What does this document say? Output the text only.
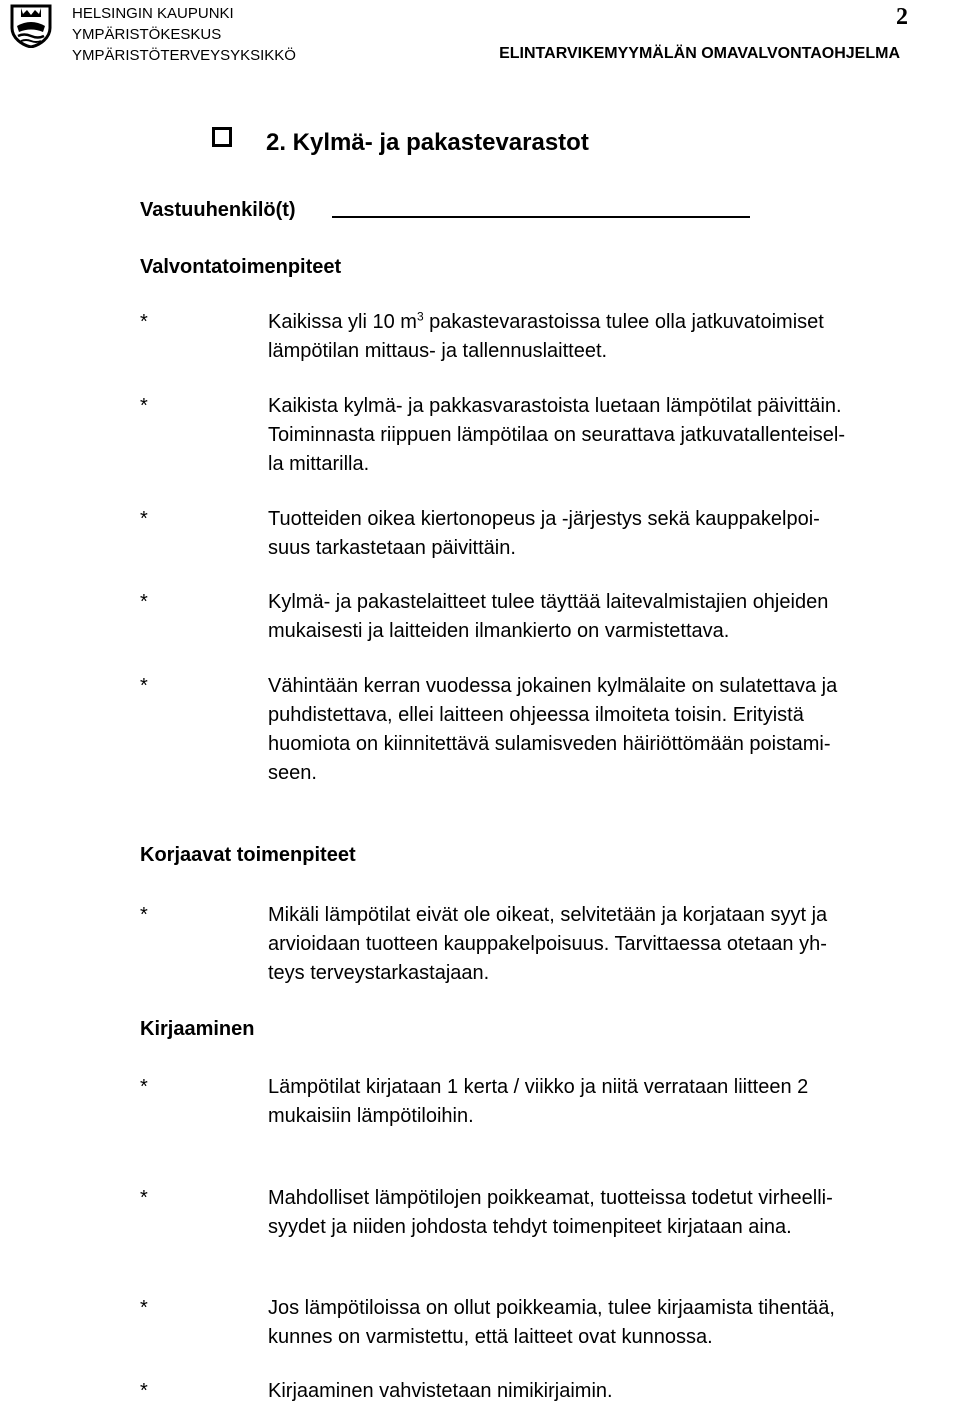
HELSINGIN KAUPUNKI
YMPÄRISTÖKESKUS
YMPÄRISTÖTERVEYSYKSIKKÖ
2
ELINTARVIKEMYYMÄLÄN OMAVALVONTAOHJELMA
2. Kylmä- ja pakastevarastot
Vastuuhenkilö(t)
Valvontatoimenpiteet
*	Kaikissa yli 10 $m^3$ pakastevarastoissa tulee olla jatkuvatoimiset
lämpötilan mittaus- ja tallennuslaitteet.
*	Kaikista kylmä- ja pakkasvarastoista luetaan lämpötilat päivittäin.
Toiminnasta riippuen lämpötilaa on seurattava jatkuvatallenteisel-
la mittarilla.
*	Tuotteiden oikea kiertonopeus ja -järjestys sekä kauppakelpoi-
suus tarkastetaan päivittäin.
*	Kylmä- ja pakastelaitteet tulee täyttää laitevalmistajien ohjeiden
mukaisesti ja laitteiden ilmankierto on varmistettava.
*	Vähintään kerran vuodessa jokainen kylmälaite on sulatettava ja
puhdistettava, ellei laitteen ohjeessa ilmoiteta toisin. Erityistä
huomiota on kiinnitettävä sulamisveden häiriöttömään poistami-
seen.
Korjaavat toimenpiteet
*	Mikäli lämpötilat eivät ole oikeat, selvitetään ja korjataan syyt ja
arvioidaan tuotteen kauppakelpoisuus. Tarvittaessa otetaan yh-
teys terveystarkastajaan.
Kirjaaminen
*	Lämpötilat kirjataan 1 kerta / viikko ja niitä verrataan liitteen 2
mukaisiin lämpötiloihin.
*	Mahdolliset lämpötilojen poikkeamat, tuotteissa todetut virheelli-
syydet ja niiden johdosta tehdyt toimenpiteet kirjataan aina.
*	Jos lämpötiloissa on ollut poikkeamia, tulee kirjaamista tihentää,
kunnes on varmistettu, että laitteet ovat kunnossa.
*	Kirjaaminen vahvistetaan nimikirjaimin.
